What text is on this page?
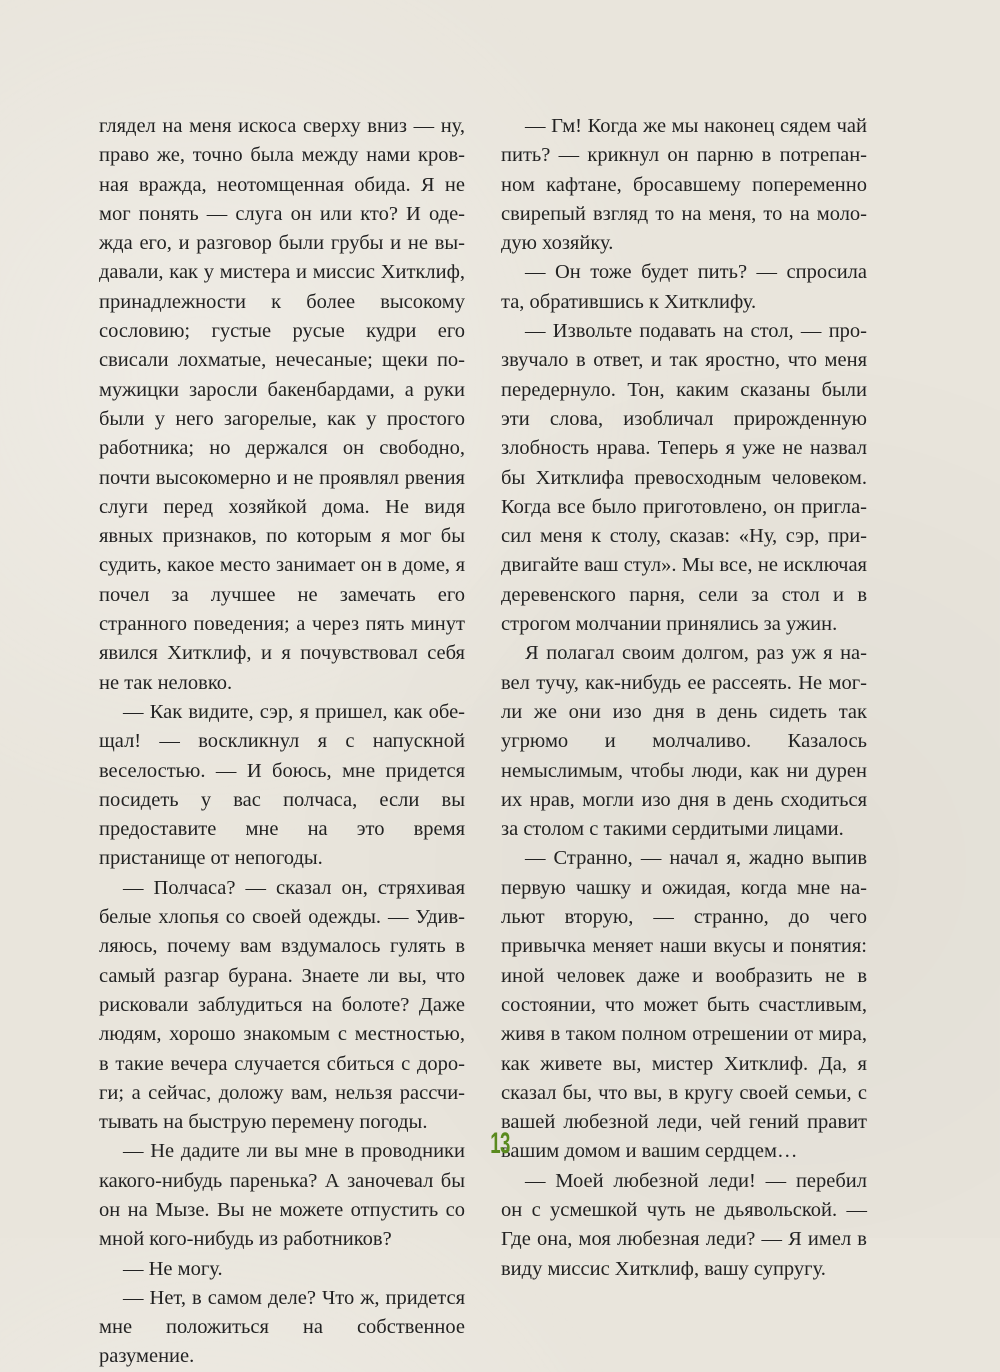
глядел на меня искоса сверху вниз — ну, право же, точно была между нами кровная вражда, неотомщенная обида. Я не мог понять — слуга он или кто? И одежда его, и разговор были грубы и не выдавали, как у мистера и миссис Хитклиф, принадлежности к более высокому сословию; густые русые кудри его свисали лохматые, нечесаные; щеки по-мужицки заросли бакенбардами, а руки были у него загорелые, как у простого работника; но держался он свободно, почти высокомерно и не проявлял рвения слуги перед хозяйкой дома. Не видя явных признаков, по которым я мог бы судить, какое место занимает он в доме, я почел за лучшее не замечать его странного поведения; а через пять минут явился Хитклиф, и я почувствовал себя не так неловко.

— Как видите, сэр, я пришел, как обещал! — воскликнул я с напускной веселостью. — И боюсь, мне придется посидеть у вас полчаса, если вы предоставите мне на это время пристанище от непогоды.

— Полчаса? — сказал он, стряхивая белые хлопья со своей одежды. — Удивляюсь, почему вам вздумалось гулять в самый разгар бурана. Знаете ли вы, что рисковали заблудиться на болоте? Даже людям, хорошо знакомым с местностью, в такие вечера случается сбиться с дороги; а сейчас, доложу вам, нельзя рассчитывать на быструю перемену погоды.

— Не дадите ли вы мне в проводники какого-нибудь паренька? А заночевал бы он на Мызе. Вы не можете отпустить со мной кого-нибудь из работников?

— Не могу.

— Нет, в самом деле? Что ж, придется мне положиться на собственное разумение.

— Гм! Когда же мы наконец сядем чай пить? — крикнул он парню в потрепанном кафтане, бросавшему попеременно свирепый взгляд то на меня, то на молодую хозяйку.

— Он тоже будет пить? — спросила та, обратившись к Хитклифу.

— Извольте подавать на стол, — прозвучало в ответ, и так яростно, что меня передернуло. Тон, каким сказаны были эти слова, изобличал прирожденную злобность нрава. Теперь я уже не назвал бы Хитклифа превосходным человеком. Когда все было приготовлено, он пригласил меня к столу, сказав: «Ну, сэр, придвигайте ваш стул». Мы все, не исключая деревенского парня, сели за стол и в строгом молчании принялись за ужин.

Я полагал своим долгом, раз уж я навел тучу, как-нибудь ее рассеять. Не могли же они изо дня в день сидеть так угрюмо и молчаливо. Казалось немыслимым, чтобы люди, как ни дурен их нрав, могли изо дня в день сходиться за столом с такими сердитыми лицами.

— Странно, — начал я, жадно выпив первую чашку и ожидая, когда мне нальют вторую, — странно, до чего привычка меняет наши вкусы и понятия: иной человек даже и вообразить не в состоянии, что может быть счастливым, живя в таком полном отрешении от мира, как живете вы, мистер Хитклиф. Да, я сказал бы, что вы, в кругу своей семьи, с вашей любезной леди, чей гений правит вашим домом и вашим сердцем…

— Моей любезной леди! — перебил он с усмешкой чуть не дьявольской. — Где она, моя любезная леди? — Я имел в виду миссис Хитклиф, вашу супругу.

13
